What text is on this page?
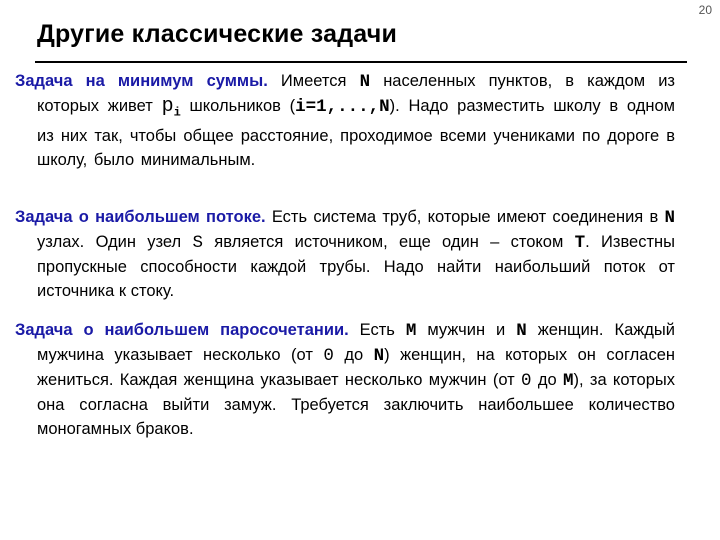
20
Другие классические задачи

Задача на минимум суммы. Имеется N населенных пунктов, в каждом из которых живет $p_i$ школьников (i=1,...,N). Надо разместить школу в одном из них так, чтобы общее расстояние, проходимое всеми учениками по дороге в школу, было минимальным.

Задача о наибольшем потоке. Есть система труб, которые имеют соединения в N узлах. Один узел S является источником, еще один – стоком T. Известны пропускные способности каждой трубы. Надо найти наибольший поток от источника к стоку.

Задача о наибольшем паросочетании. Есть M мужчин и N женщин. Каждый мужчина указывает несколько (от 0 до N) женщин, на которых он согласен жениться. Каждая женщина указывает несколько мужчин (от 0 до M), за которых она согласна выйти замуж. Требуется заключить наибольшее количество моногамных браков.
